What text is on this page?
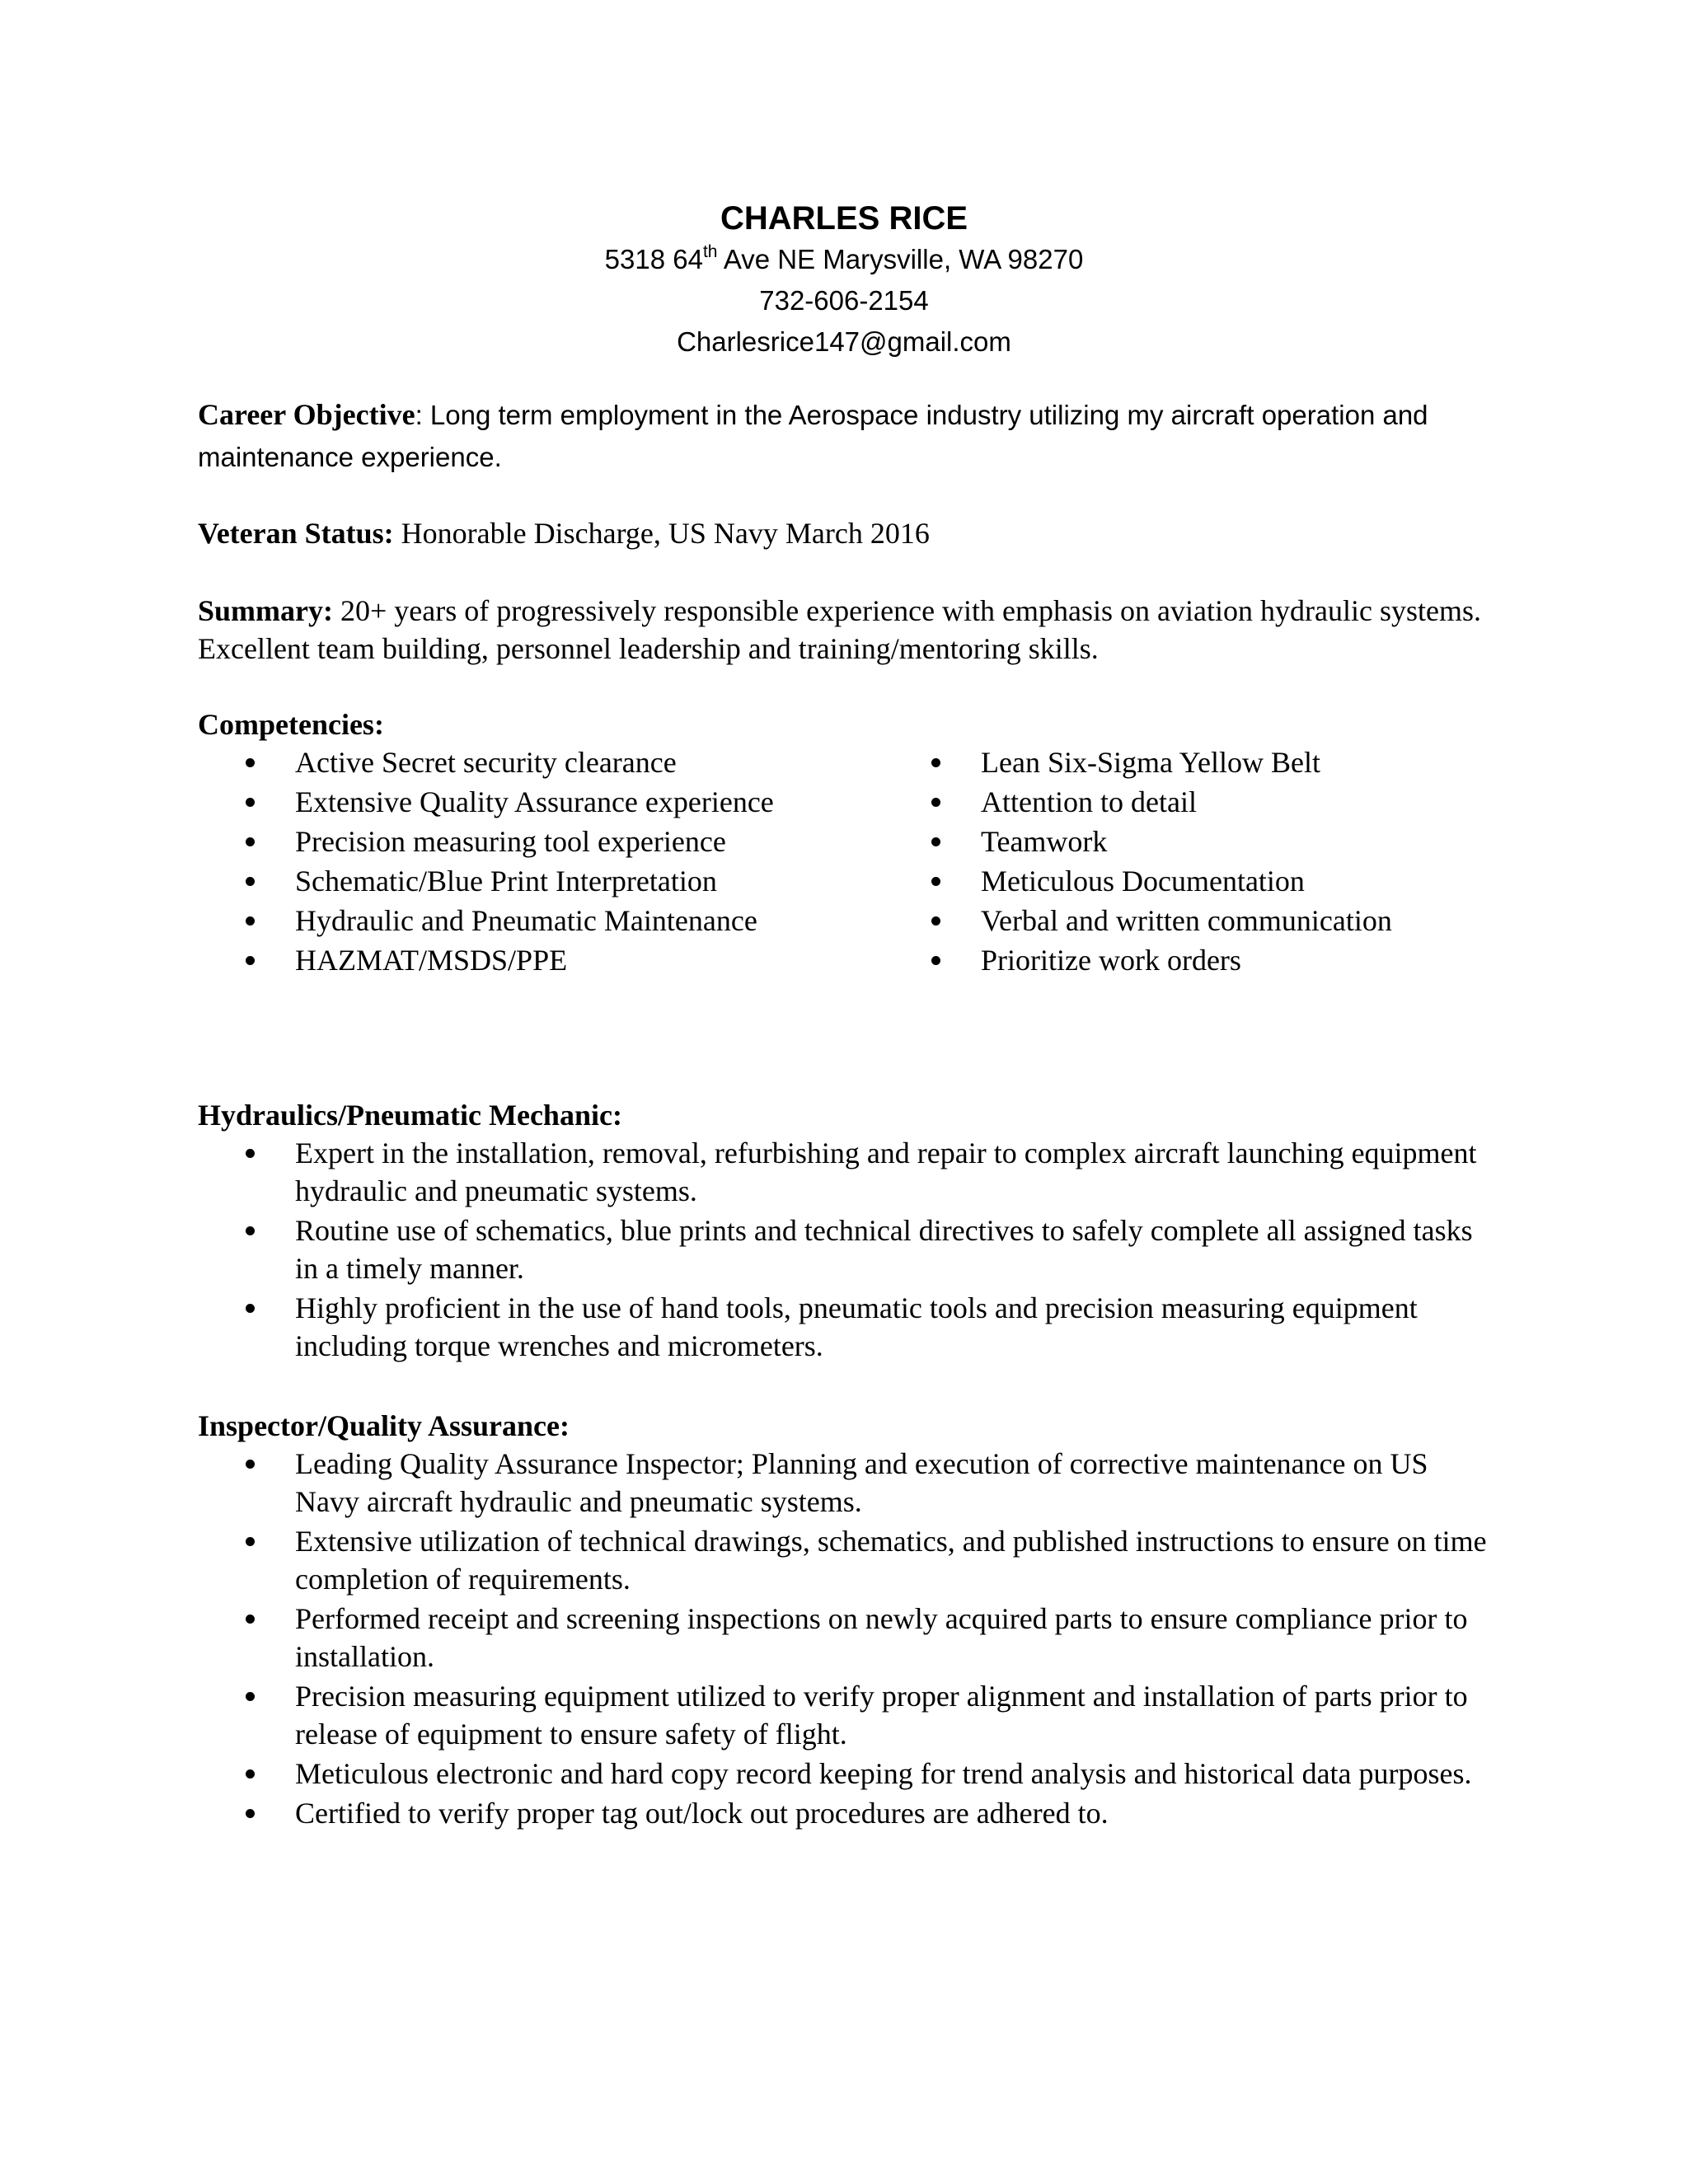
CHARLES RICE
5318 64th Ave NE Marysville, WA 98270
732-606-2154
Charlesrice147@gmail.com
Career Objective: Long term employment in the Aerospace industry utilizing my aircraft operation and maintenance experience.
Veteran Status: Honorable Discharge, US Navy March 2016
Summary: 20+ years of progressively responsible experience with emphasis on aviation hydraulic systems. Excellent team building, personnel leadership and training/mentoring skills.
Competencies:
Active Secret security clearance
Extensive Quality Assurance experience
Precision measuring tool experience
Schematic/Blue Print Interpretation
Hydraulic and Pneumatic Maintenance
HAZMAT/MSDS/PPE
Lean Six-Sigma Yellow Belt
Attention to detail
Teamwork
Meticulous Documentation
Verbal and written communication
Prioritize work orders
Hydraulics/Pneumatic Mechanic:
Expert in the installation, removal, refurbishing and repair to complex aircraft launching equipment hydraulic and pneumatic systems.
Routine use of schematics, blue prints and technical directives to safely complete all assigned tasks in a timely manner.
Highly proficient in the use of hand tools, pneumatic tools and precision measuring equipment including torque wrenches and micrometers.
Inspector/Quality Assurance:
Leading Quality Assurance Inspector; Planning and execution of corrective maintenance on US Navy aircraft hydraulic and pneumatic systems.
Extensive utilization of technical drawings, schematics, and published instructions to ensure on time completion of requirements.
Performed receipt and screening inspections on newly acquired parts to ensure compliance prior to installation.
Precision measuring equipment utilized to verify proper alignment and installation of parts prior to release of equipment to ensure safety of flight.
Meticulous electronic and hard copy record keeping for trend analysis and historical data purposes.
Certified to verify proper tag out/lock out procedures are adhered to.
